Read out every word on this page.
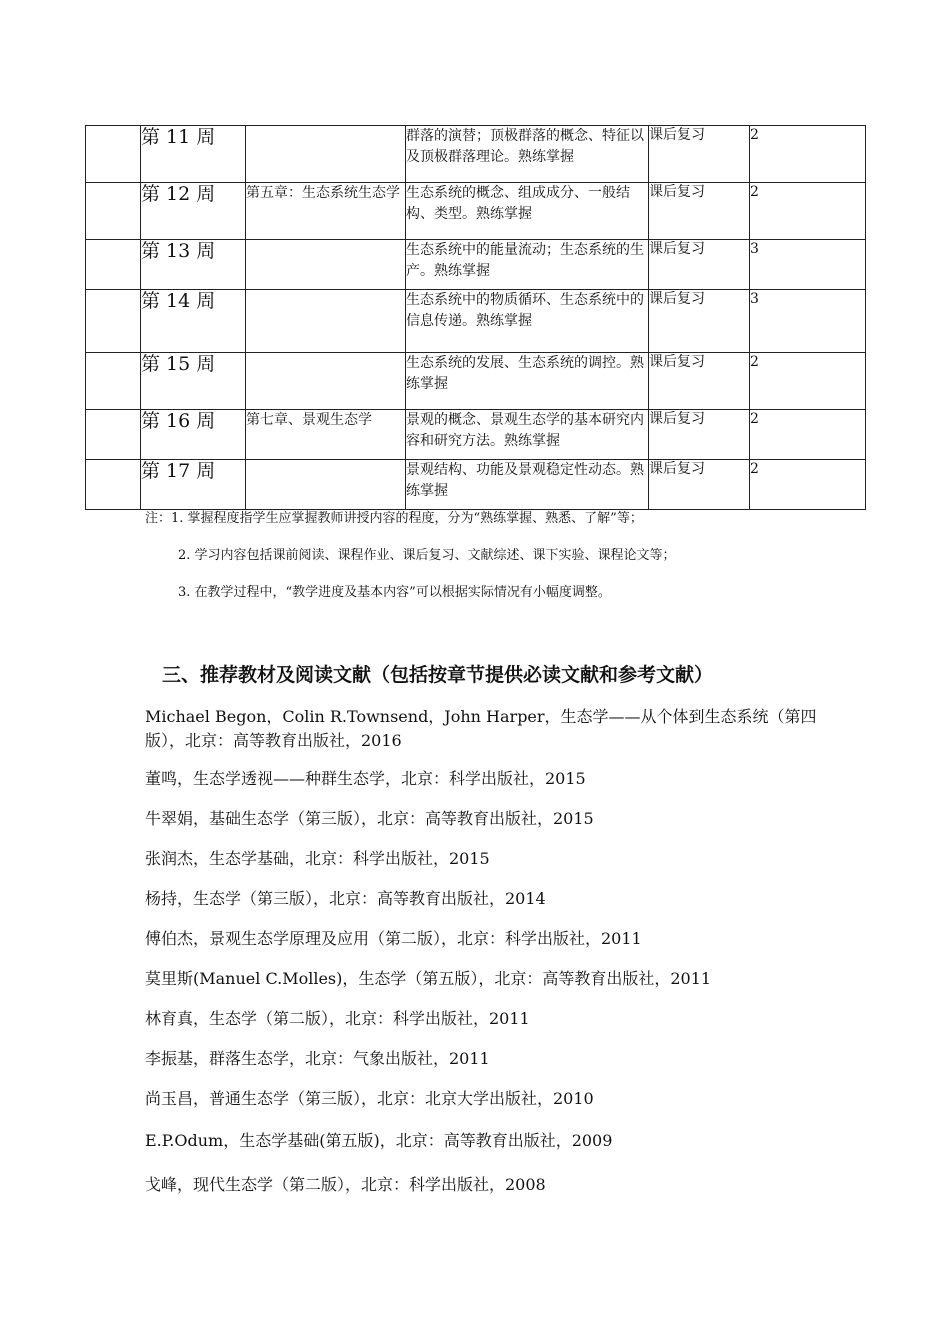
	第 11 周		群落的演替；顶极群落的概念、特征以及顶极群落理论。熟练掌握	课后复习	2

	第 12 周	第五章：生态系统生态学	生态系统的概念、组成成分、一般结构、类型。熟练掌握	课后复习	2

	第 13 周		生态系统中的能量流动；生态系统的生产。熟练掌握	课后复习	3

	第 14 周		生态系统中的物质循环、生态系统中的信息传递。熟练掌握	课后复习	3

	第 15 周		生态系统的发展、生态系统的调控。熟练掌握	课后复习	2

	第 16 周	第七章、景观生态学	景观的概念、景观生态学的基本研究内容和研究方法。熟练掌握	课后复习	2

	第 17 周		景观结构、功能及景观稳定性动态。熟练掌握	课后复习	2
注：1. 掌握程度指学生应掌握教师讲授内容的程度，分为“熟练掌握、熟悉、了解”等；
2. 学习内容包括课前阅读、课程作业、课后复习、文献综述、课下实验、课程论文等；
3. 在教学过程中，“教学进度及基本内容”可以根据实际情况有小幅度调整。
三、推荐教材及阅读文献（包括按章节提供必读文献和参考文献）
Michael Begon，Colin R.Townsend，John Harper，生态学——从个体到生态系统（第四版），北京：高等教育出版社，2016
董鸣，生态学透视——种群生态学，北京：科学出版社，2015
牛翠娟，基础生态学（第三版），北京：高等教育出版社，2015
张润杰，生态学基础，北京：科学出版社，2015
杨持，生态学（第三版），北京：高等教育出版社，2014
傅伯杰，景观生态学原理及应用（第二版），北京：科学出版社，2011
莫里斯(Manuel C.Molles)，生态学（第五版），北京：高等教育出版社，2011
林育真，生态学（第二版），北京：科学出版社，2011
李振基，群落生态学，北京：气象出版社，2011
尚玉昌，普通生态学（第三版），北京：北京大学出版社，2010
E.P.Odum，生态学基础(第五版)，北京：高等教育出版社，2009
戈峰，现代生态学（第二版），北京：科学出版社，2008
